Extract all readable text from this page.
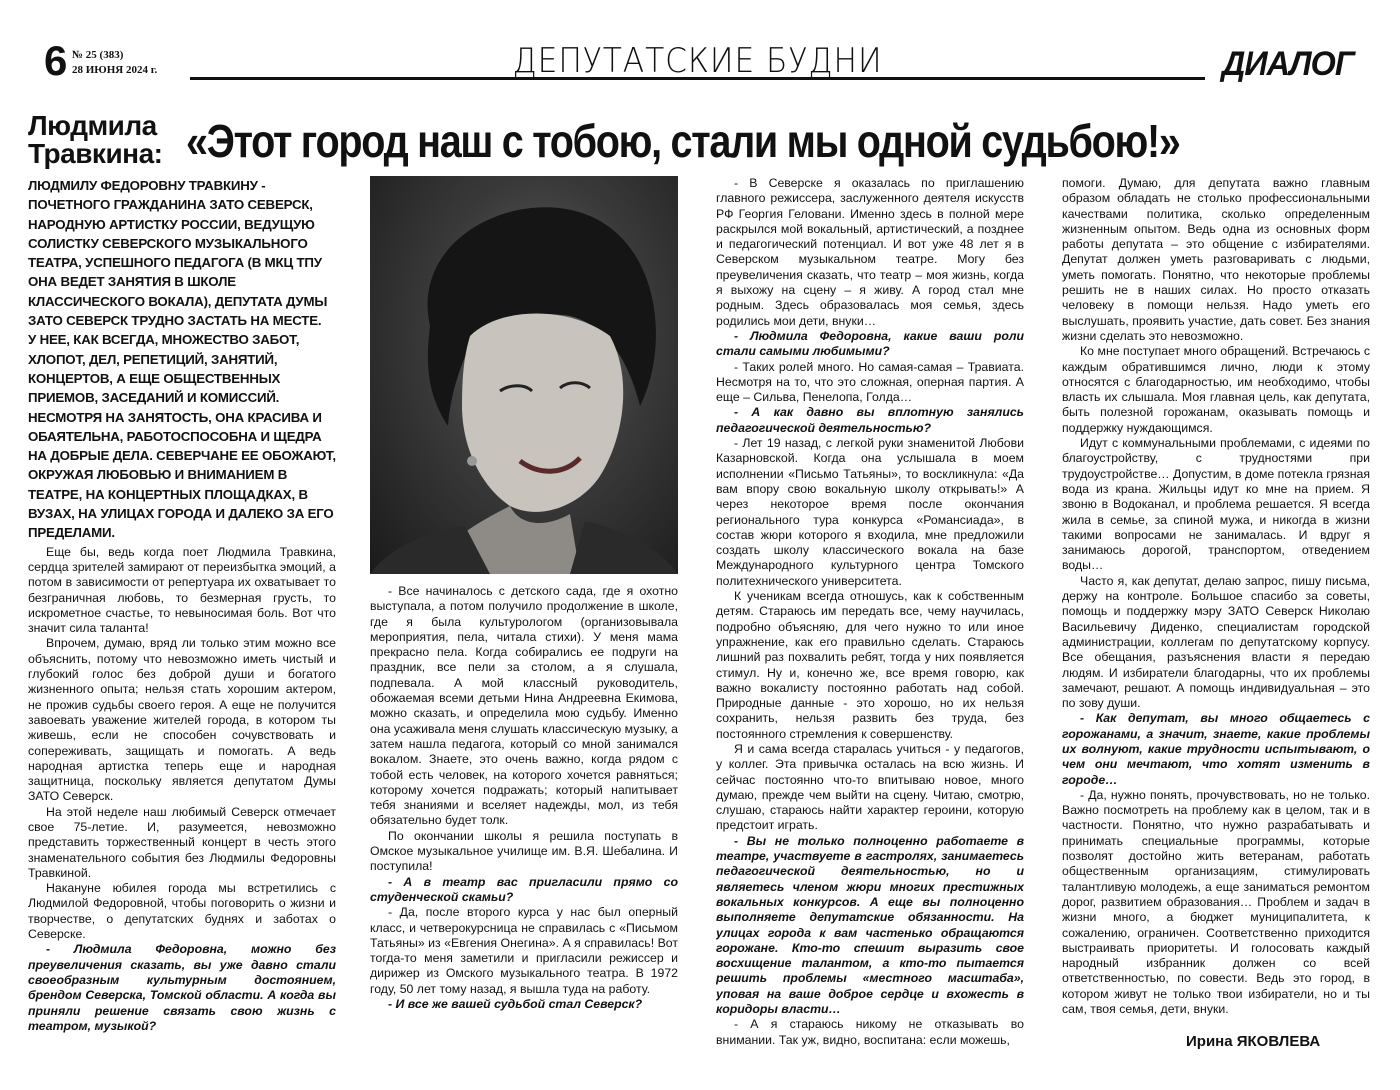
6 № 25 (383)
28 ИЮНЯ 2024 г.	ДЕПУТАТСКИЕ БУДНИ	ДИАЛОГ
Людмила
Травкина: «Этот город наш с тобою, стали мы одной судьбою!»

ЛЮДМИЛУ ФЕДОРОВНУ ТРАВКИНУ - ПОЧЕТНОГО ГРАЖДАНИНА ЗАТО СЕВЕРСК, НАРОДНУЮ АРТИСТКУ РОССИИ, ВЕДУЩУЮ СОЛИСТКУ СЕВЕРСКОГО МУЗЫКАЛЬНОГО ТЕАТРА, УСПЕШНОГО ПЕДАГОГА (В МКЦ ТПУ ОНА ВЕДЕТ ЗАНЯТИЯ В ШКОЛЕ КЛАССИЧЕСКОГО ВОКАЛА), ДЕПУТАТА ДУМЫ ЗАТО СЕВЕРСК ТРУДНО ЗАСТАТЬ НА МЕСТЕ.

У НЕЕ, КАК ВСЕГДА, МНОЖЕСТВО ЗАБОТ, ХЛОПОТ, ДЕЛ, РЕПЕТИЦИЙ, ЗАНЯТИЙ, КОНЦЕРТОВ, А ЕЩЕ ОБЩЕСТВЕННЫХ ПРИЕМОВ, ЗАСЕДАНИЙ И КОМИССИЙ. НЕСМОТРЯ НА ЗАНЯТОСТЬ, ОНА КРАСИВА И ОБАЯТЕЛЬНА, РАБОТОСПОСОБНА И ЩЕДРА НА ДОБРЫЕ ДЕЛА. СЕВЕРЧАНЕ ЕЕ ОБОЖАЮТ, ОКРУЖАЯ ЛЮБОВЬЮ И ВНИМАНИЕМ В ТЕАТРЕ, НА КОНЦЕРТНЫХ ПЛОЩАДКАХ, В ВУЗАХ, НА УЛИЦАХ ГОРОДА И ДАЛЕКО ЗА ЕГО ПРЕДЕЛАМИ.

Еще бы, ведь когда поет Людмила Травкина, сердца зрителей замирают от переизбытка эмоций, а потом в зависимости от репертуара их охватывает то безграничная любовь, то безмерная грусть, то искрометное счастье, то невыносимая боль. Вот что значит сила таланта!

Впрочем, думаю, вряд ли только этим можно все объяснить, потому что невозможно иметь чистый и глубокий голос без доброй души и богатого жизненного опыта; нельзя стать хорошим актером, не прожив судьбы своего героя. А еще не получится завоевать уважение жителей города, в котором ты живешь, если не способен сочувствовать и сопереживать, защищать и помогать. А ведь народная артистка теперь еще и народная защитница, поскольку является депутатом Думы ЗАТО Северск.

На этой неделе наш любимый Северск отмечает свое 75-летие. И, разумеется, невозможно представить торжественный концерт в честь этого знаменательного события без Людмилы Федоровны Травкиной.

Накануне юбилея города мы встретились с Людмилой Федоровной, чтобы поговорить о жизни и творчестве, о депутатских буднях и заботах о Северске.

- Людмила Федоровна, можно без преувеличения сказать, вы уже давно стали своеобразным культурным достоянием, брендом Северска, Томской области. А когда вы приняли решение связать свою жизнь с театром, музыкой?

- Все начиналось с детского сада, где я охотно выступала, а потом получило продолжение в школе, где я была культурологом (организовывала мероприятия, пела, читала стихи). У меня мама прекрасно пела. Когда собирались ее подруги на праздник, все пели за столом, а я слушала, подпевала. А мой классный руководитель, обожаемая всеми детьми Нина Андреевна Екимова, можно сказать, и определила мою судьбу. Именно она усаживала меня слушать классическую музыку, а затем нашла педагога, который со мной занимался вокалом. Знаете, это очень важно, когда рядом с тобой есть человек, на которого хочется равняться; которому хочется подражать; который напитывает тебя знаниями и вселяет надежды, мол, из тебя обязательно будет толк.

По окончании школы я решила поступать в Омское музыкальное училище им. В.Я. Шебалина. И поступила!

- А в театр вас пригласили прямо со студенческой скамьи?

- Да, после второго курса у нас был оперный класс, и четверокурсница не справилась с «Письмом Татьяны» из «Евгения Онегина». А я справилась! Вот тогда-то меня заметили и пригласили режиссер и дирижер из Омского музыкального театра. В 1972 году, 50 лет тому назад, я вышла туда на работу.

- И все же вашей судьбой стал Северск?

- В Северске я оказалась по приглашению главного режиссера, заслуженного деятеля искусств РФ Георгия Геловани. Именно здесь в полной мере раскрылся мой вокальный, артистический, а позднее и педагогический потенциал. И вот уже 48 лет я в Северском музыкальном театре. Могу без преувеличения сказать, что театр – моя жизнь, когда я выхожу на сцену – я живу. А город стал мне родным. Здесь образовалась моя семья, здесь родились мои дети, внуки…

- Людмила Федоровна, какие ваши роли стали самыми любимыми?

- Таких ролей много. Но самая-самая – Травиата. Несмотря на то, что это сложная, оперная партия. А еще – Сильва, Пенелопа, Голда…

- А как давно вы вплотную занялись педагогической деятельностью?

- Лет 19 назад, с легкой руки знаменитой Любови Казарновской. Когда она услышала в моем исполнении «Письмо Татьяны», то воскликнула: «Да вам впору свою вокальную школу открывать!» А через некоторое время после окончания регионального тура конкурса «Романсиада», в состав жюри которого я входила, мне предложили создать школу классического вокала на базе Международного культурного центра Томского политехнического университета.

К ученикам всегда отношусь, как к собственным детям. Стараюсь им передать все, чему научилась, подробно объясняю, для чего нужно то или иное упражнение, как его правильно сделать. Стараюсь лишний раз похвалить ребят, тогда у них появляется стимул. Ну и, конечно же, все время говорю, как важно вокалисту постоянно работать над собой. Природные данные - это хорошо, но их нельзя сохранить, нельзя развить без труда, без постоянного стремления к совершенству.

Я и сама всегда старалась учиться - у педагогов, у коллег. Эта привычка осталась на всю жизнь. И сейчас постоянно что-то впитываю новое, много думаю, прежде чем выйти на сцену. Читаю, смотрю, слушаю, стараюсь найти характер героини, которую предстоит играть.

- Вы не только полноценно работаете в театре, участвуете в гастролях, занимаетесь педагогической деятельностью, но и являетесь членом жюри многих престижных вокальных конкурсов. А еще вы полноценно выполняете депутатские обязанности. На улицах города к вам частенько обращаются горожане. Кто-то спешит выразить свое восхищение талантом, а кто-то пытается решить проблемы «местного масштаба», уповая на ваше доброе сердце и вхожесть в коридоры власти…

- А я стараюсь никому не отказывать во внимании. Так уж, видно, воспитана: если можешь,

помоги. Думаю, для депутата важно главным образом обладать не столько профессиональными качествами политика, сколько определенным жизненным опытом. Ведь одна из основных форм работы депутата – это общение с избирателями. Депутат должен уметь разговаривать с людьми, уметь помогать. Понятно, что некоторые проблемы решить не в наших силах. Но просто отказать человеку в помощи нельзя. Надо уметь его выслушать, проявить участие, дать совет. Без знания жизни сделать это невозможно.

Ко мне поступает много обращений. Встречаюсь с каждым обратившимся лично, люди к этому относятся с благодарностью, им необходимо, чтобы власть их слышала. Моя главная цель, как депутата, быть полезной горожанам, оказывать помощь и поддержку нуждающимся.

Идут с коммунальными проблемами, с идеями по благоустройству, с трудностями при трудоустройстве… Допустим, в доме потекла грязная вода из крана. Жильцы идут ко мне на прием. Я звоню в Водоканал, и проблема решается. Я всегда жила в семье, за спиной мужа, и никогда в жизни такими вопросами не занималась. И вдруг я занимаюсь дорогой, транспортом, отведением воды…

Часто я, как депутат, делаю запрос, пишу письма, держу на контроле. Большое спасибо за советы, помощь и поддержку мэру ЗАТО Северск Николаю Васильевичу Диденко, специалистам городской администрации, коллегам по депутатскому корпусу. Все обещания, разъяснения власти я передаю людям. И избиратели благодарны, что их проблемы замечают, решают. А помощь индивидуальная – это по зову души.

- Как депутат, вы много общаетесь с горожанами, а значит, знаете, какие проблемы их волнуют, какие трудности испытывают, о чем они мечтают, что хотят изменить в городе…

- Да, нужно понять, прочувствовать, но не только. Важно посмотреть на проблему как в целом, так и в частности. Понятно, что нужно разрабатывать и принимать специальные программы, которые позволят достойно жить ветеранам, работать общественным организациям, стимулировать талантливую молодежь, а еще заниматься ремонтом дорог, развитием образования… Проблем и задач в жизни много, а бюджет муниципалитета, к сожалению, ограничен. Соответственно приходится выстраивать приоритеты. И голосовать каждый народный избранник должен со всей ответственностью, по совести. Ведь это город, в котором живут не только твои избиратели, но и ты сам, твоя семья, дети, внуки.

Ирина ЯКОВЛЕВА
